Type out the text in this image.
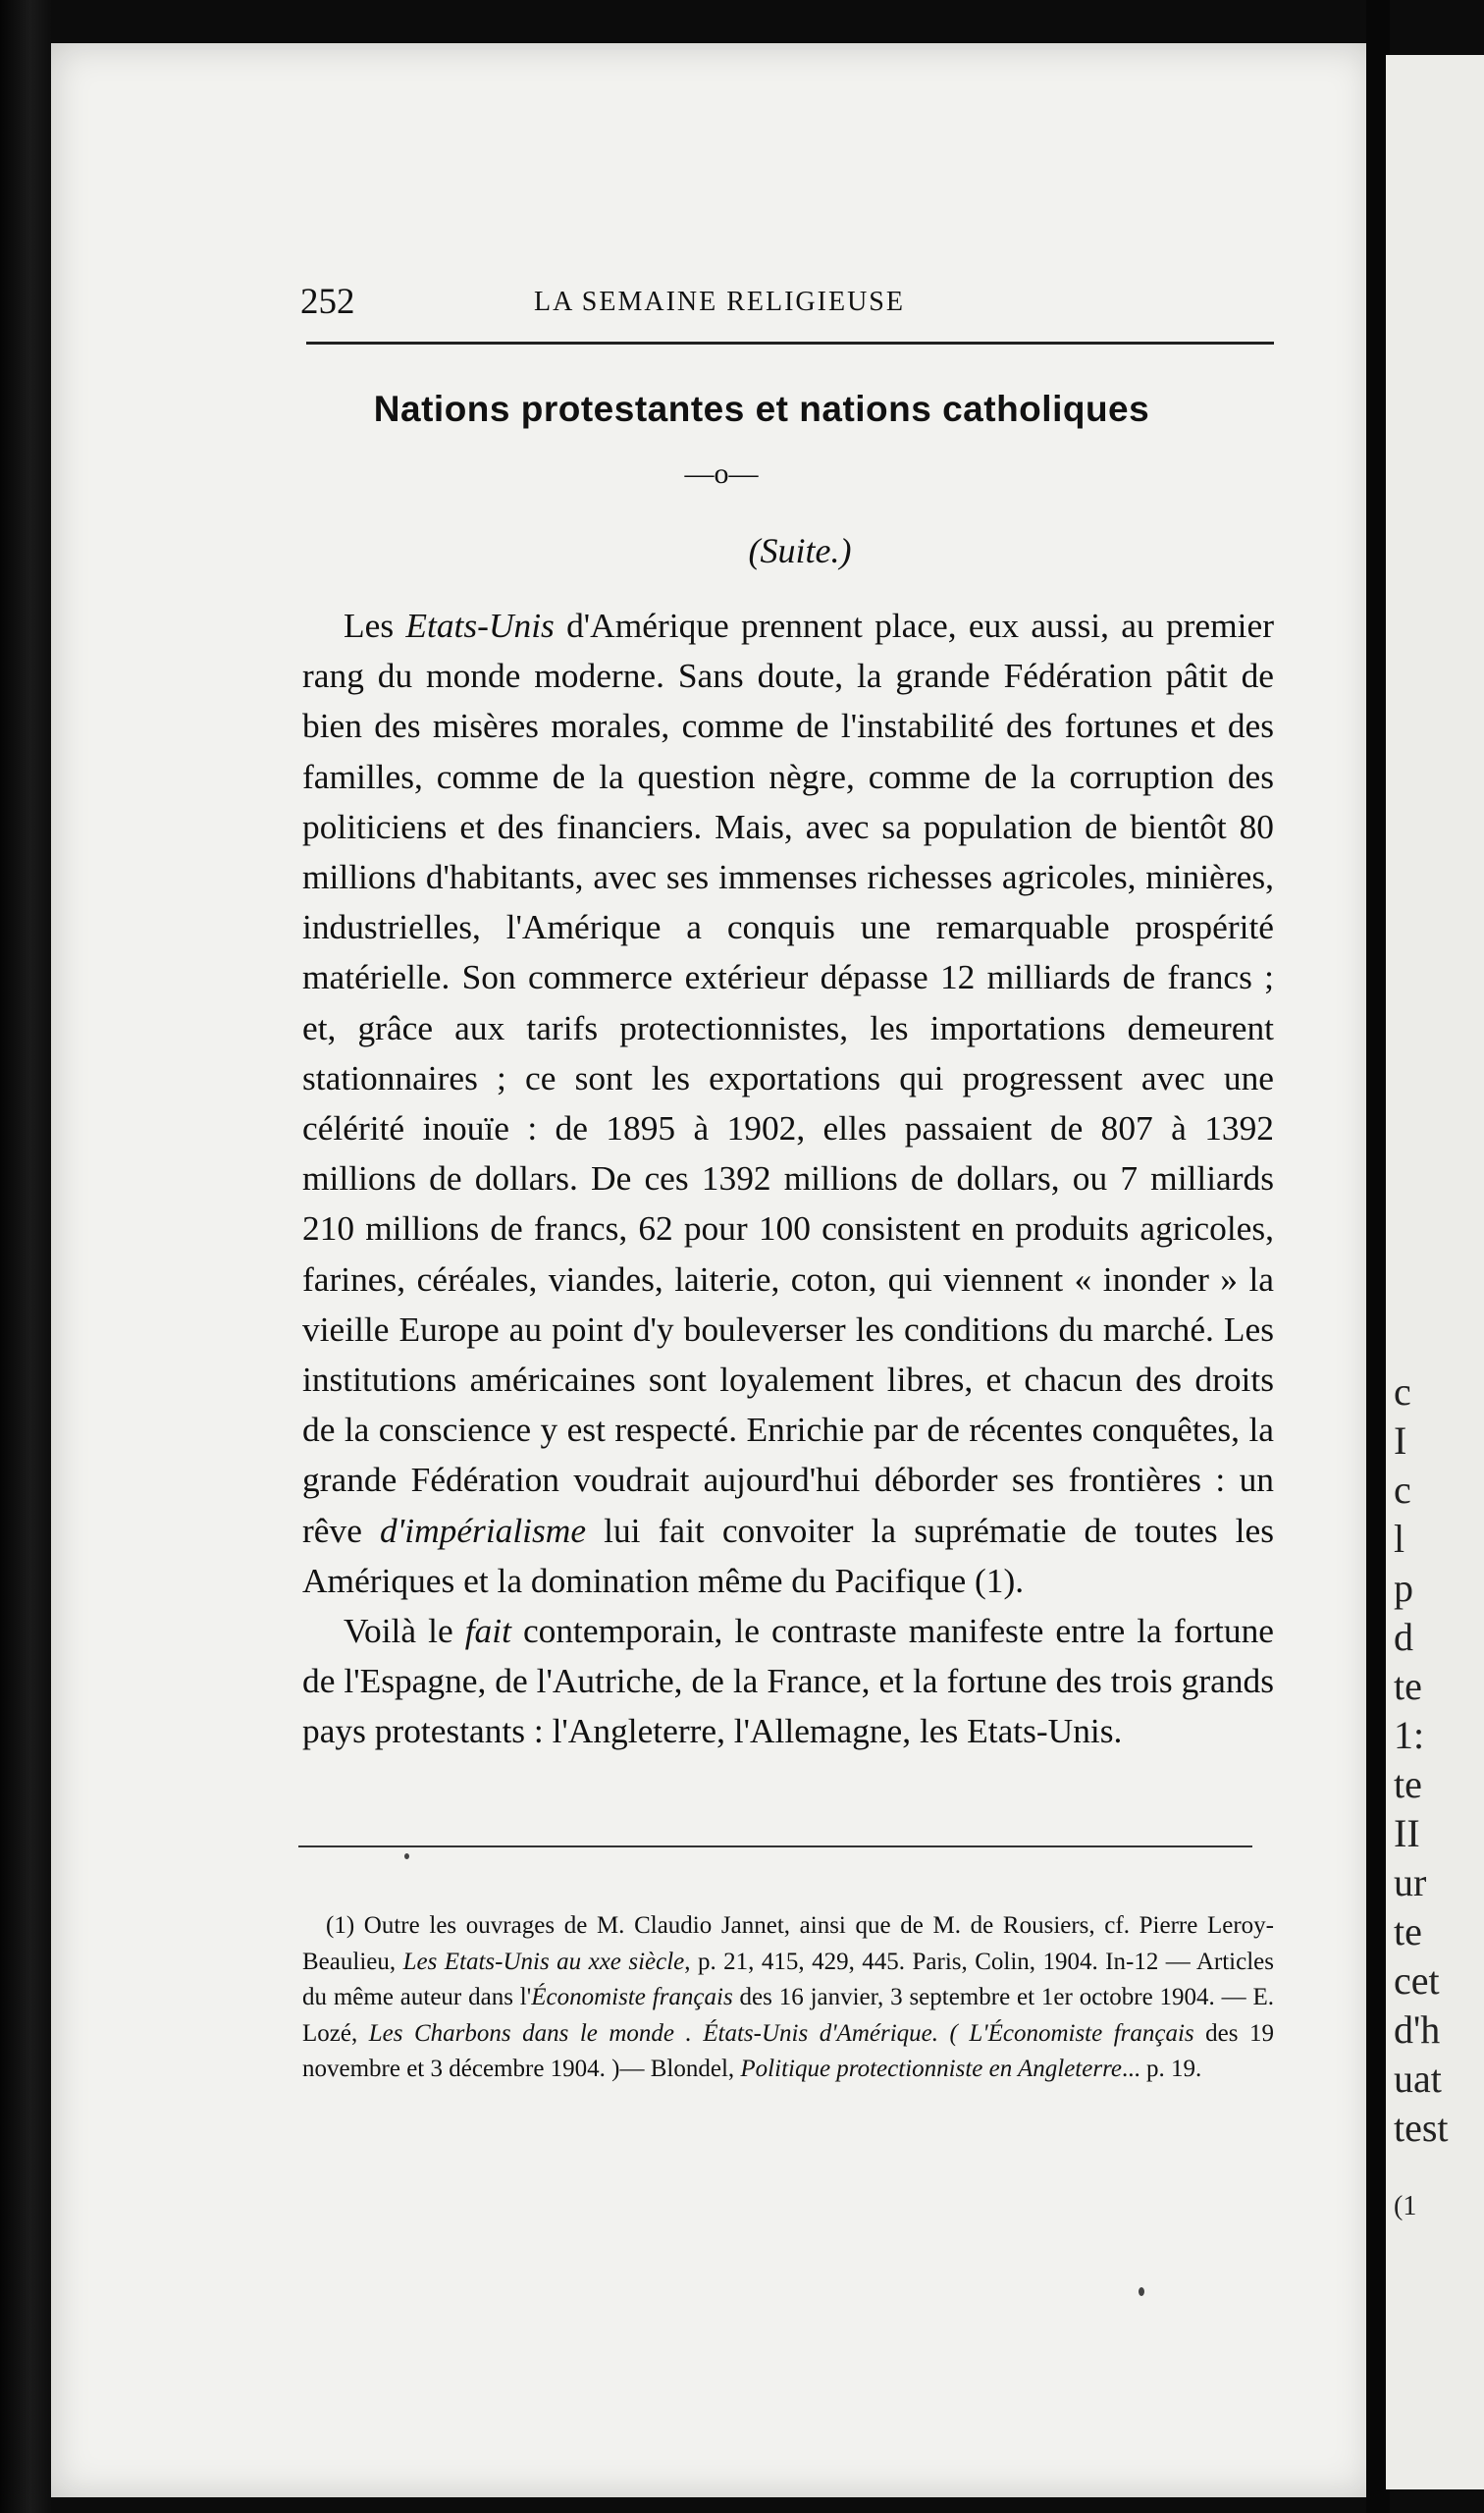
c
I
c
l
p
d
te
1:
te
II
ur
te
cet
d'h
uat
test
(1
252	LA SEMAINE RELIGIEUSE
Nations protestantes et nations catholiques
—o—
(Suite.)

Les Etats-Unis d'Amérique prennent place, eux aussi, au premier rang du monde moderne. Sans doute, la grande Fédération pâtit de bien des misères morales, comme de l'instabilité des fortunes et des familles, comme de la question nègre, comme de la corruption des politiciens et des financiers. Mais, avec sa population de bientôt 80 millions d'habitants, avec ses immenses richesses agricoles, minières, industrielles, l'Amérique a conquis une remarquable prospérité matérielle. Son commerce extérieur dépasse 12 milliards de francs ; et, grâce aux tarifs protectionnistes, les importations demeurent stationnaires ; ce sont les exportations qui progressent avec une célérité inouïe : de 1895 à 1902, elles passaient de 807 à 1392 millions de dollars. De ces 1392 millions de dollars, ou 7 milliards 210 millions de francs, 62 pour 100 consistent en produits agricoles, farines, céréales, viandes, laiterie, coton, qui viennent « inonder » la vieille Europe au point d'y bouleverser les conditions du marché. Les institutions américaines sont loyalement libres, et chacun des droits de la conscience y est respecté. Enrichie par de récentes conquêtes, la grande Fédération voudrait aujourd'hui déborder ses frontières : un rêve d'impérialisme lui fait convoiter la suprématie de toutes les Amériques et la domination même du Pacifique (1).

Voilà le fait contemporain, le contraste manifeste entre la fortune de l'Espagne, de l'Autriche, de la France, et la fortune des trois grands pays protestants : l'Angleterre, l'Allemagne, les Etats-Unis.

(1) Outre les ouvrages de M. Claudio Jannet, ainsi que de M. de Rousiers, cf. Pierre Leroy-Beaulieu, Les Etats-Unis au xxe siècle, p. 21, 415, 429, 445. Paris, Colin, 1904. In-12 — Articles du même auteur dans l'Économiste français des 16 janvier, 3 septembre et 1er octobre 1904. — E. Lozé, Les Charbons dans le monde . États-Unis d'Amérique. ( L'Économiste français des 19 novembre et 3 décembre 1904. )— Blondel, Politique protectionniste en Angleterre... p. 19.
